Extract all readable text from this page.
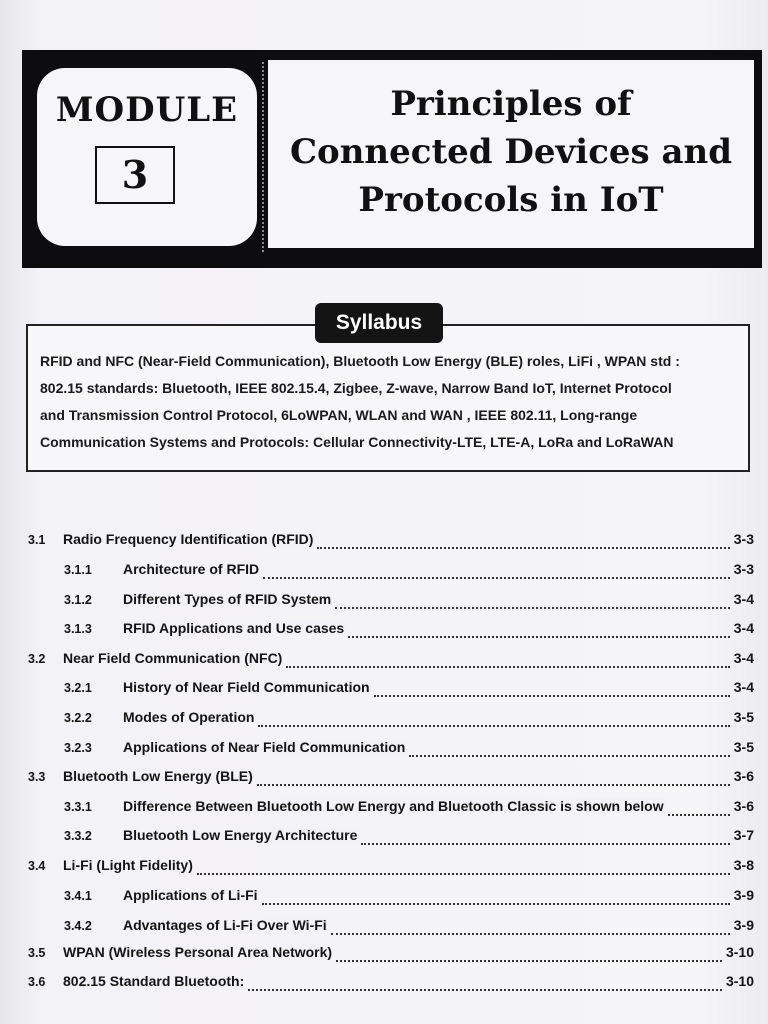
MODULE
3
Principles of
Connected Devices and
Protocols in IoT
Syllabus
RFID and NFC (Near-Field Communication), Bluetooth Low Energy (BLE) roles, LiFi , WPAN std :
802.15 standards: Bluetooth, IEEE 802.15.4, Zigbee, Z-wave, Narrow Band IoT, Internet Protocol
and Transmission Control Protocol, 6LoWPAN, WLAN and WAN , IEEE 802.11, Long-range
Communication Systems and Protocols: Cellular Connectivity-LTE, LTE-A, LoRa and LoRaWAN
3.1 Radio Frequency Identification (RFID)	3-3
3.1.1 Architecture of RFID	3-3
3.1.2 Different Types of RFID System	3-4
3.1.3 RFID Applications and Use cases	3-4
3.2 Near Field Communication (NFC)	3-4
3.2.1 History of Near Field Communication	3-4
3.2.2 Modes of Operation	3-5
3.2.3 Applications of Near Field Communication	3-5
3.3 Bluetooth Low Energy (BLE)	3-6
3.3.1 Difference Between Bluetooth Low Energy and Bluetooth Classic is shown below	3-6
3.3.2 Bluetooth Low Energy Architecture	3-7
3.4 Li-Fi (Light Fidelity)	3-8
3.4.1 Applications of Li-Fi	3-9
3.4.2 Advantages of Li-Fi Over Wi-Fi	3-9
3.5 WPAN (Wireless Personal Area Network)	3-10
3.6 802.15 Standard Bluetooth:	3-10
